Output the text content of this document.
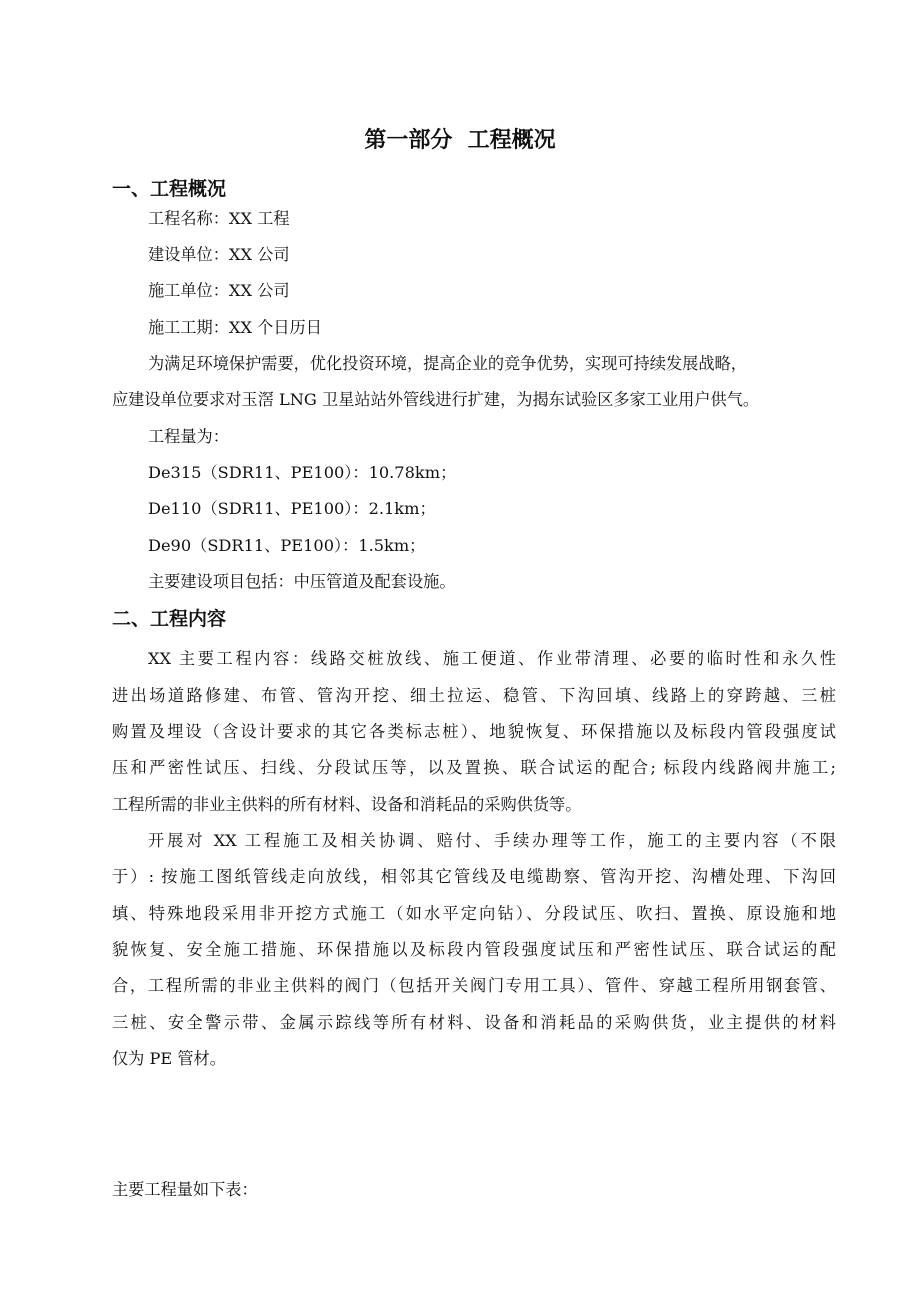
第一部分  工程概况
一、工程概况
工程名称：XX 工程
建设单位：XX 公司
施工单位：XX 公司
施工工期：XX 个日历日
为满足环境保护需要，优化投资环境，提高企业的竞争优势，实现可持续发展战略，
应建设单位要求对玉滘 LNG 卫星站站外管线进行扩建，为揭东试验区多家工业用户供气。
工程量为：
De315（SDR11、PE100）：10.78km；
De110（SDR11、PE100）：2.1km；
De90（SDR11、PE100）：1.5km；
主要建设项目包括：中压管道及配套设施。
二、工程内容
XX 主要工程内容：线路交桩放线、施工便道、作业带清理、必要的临时性和永久性
进出场道路修建、布管、管沟开挖、细土拉运、稳管、下沟回填、线路上的穿跨越、三桩
购置及埋设（含设计要求的其它各类标志桩）、地貌恢复、环保措施以及标段内管段强度试
压和严密性试压、扫线、分段试压等，以及置换、联合试运的配合; 标段内线路阀井施工;
工程所需的非业主供料的所有材料、设备和消耗品的采购供货等。
开展对 XX 工程施工及相关协调、赔付、手续办理等工作，施工的主要内容（不限
于）: 按施工图纸管线走向放线，相邻其它管线及电缆勘察、管沟开挖、沟槽处理、下沟回
填、特殊地段采用非开挖方式施工（如水平定向钻）、分段试压、吹扫、置换、原设施和地
貌恢复、安全施工措施、环保措施以及标段内管段强度试压和严密性试压、联合试运的配
合，工程所需的非业主供料的阀门（包括开关阀门专用工具）、管件、穿越工程所用钢套管、
三桩、安全警示带、金属示踪线等所有材料、设备和消耗品的采购供货，业主提供的材料
仅为 PE 管材。
主要工程量如下表：
